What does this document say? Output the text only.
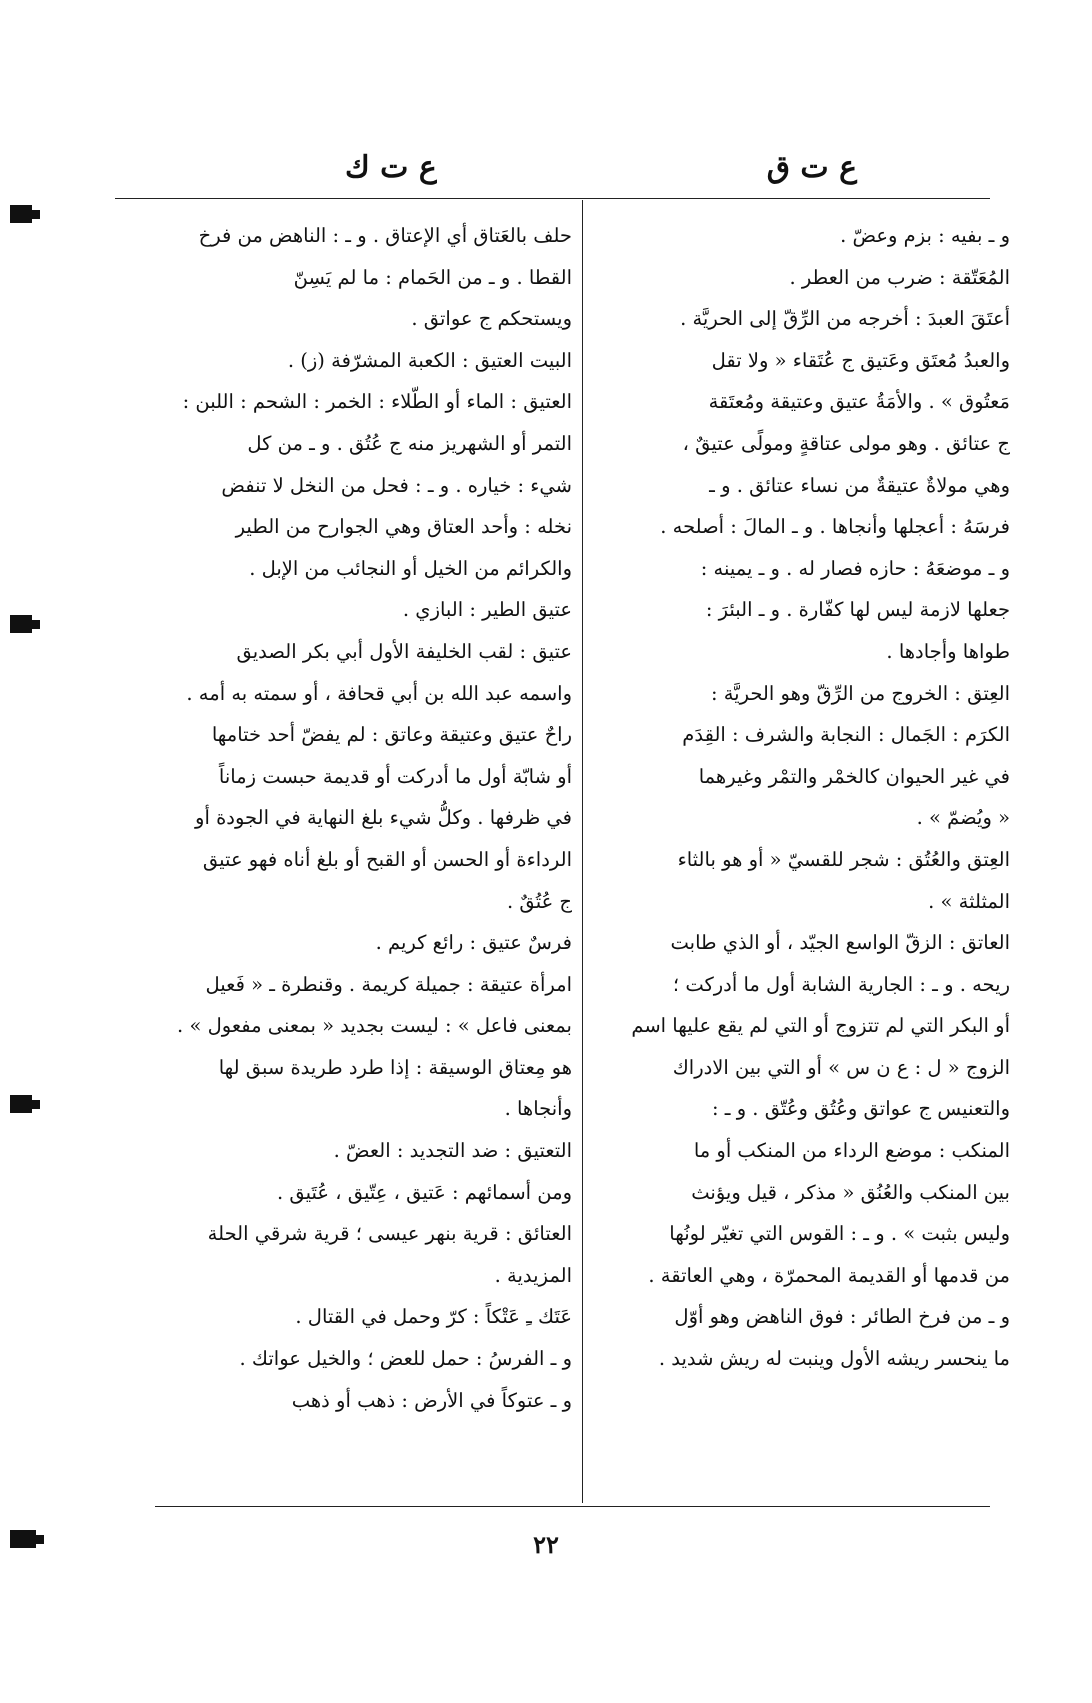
ع ت ق
ع ت ك
و ـ بفيه : بزم وعضّ .
المُعَتّقة : ضرب من العطر .
أعتَقَ العبدَ : أخرجه من الرِّقّ إلى الحريَّة .
والعبدُ مُعتَق وعَتيق ج عُتَقاء « ولا تقل
مَعتُوق » . والأمَةُ عتيق وعتيقة ومُعتَقة
ج عتائق . وهو مولى عتاقةٍ ومولًى عتيقٌ ،
وهي مولاةٌ عتيقةٌ من نساء عتائق . و ـ
فرسَهُ : أعجلها وأنجاها . و ـ المالَ : أصلحه .
و ـ موضعَهُ : حازه فصار له . و ـ يمينه :
جعلها لازمة ليس لها كفّارة . و ـ البئرَ :
طواها وأجادها .
العِتق : الخروج من الرِّقّ وهو الحريَّة :
الكرَم : الجَمال : النجابة والشرف : القِدَم
في غير الحيوان كالخمْر والتمْر وغيرهما
« ويُضمّ » .
العِتق والعُتُق : شجر للقسيّ « أو هو بالثاء
المثلثة » .
العاتق : الزقّ الواسع الجيّد ، أو الذي طابت
ريحه . و ـ : الجارية الشابة أول ما أدركت ؛
أو البكر التي لم تتزوج أو التي لم يقع عليها اسم
الزوج « ل : ع ن س » أو التي بين الادراك
والتعنيس ج عواتق وعُتُق وعُتّق . و ـ :
المنكب : موضع الرداء من المنكب أو ما
بين المنكب والعُنُق « مذكر ، قيل ويؤنث
وليس بثبت » . و ـ : القوس التي تغيّر لونُها
من قدمها أو القديمة المحمرّة ، وهي العاتقة .
و ـ من فرخ الطائر : فوق الناهض وهو أوّل
ما ينحسر ريشه الأول وينبت له ريش شديد .
حلف بالعَتاق أي الإعتاق . و ـ : الناهض من فرخ
القطا . و ـ من الحَمام : ما لم يَسِنّ
ويستحكم ج عواتق .
البيت العتيق : الكعبة المشرّفة (ز) .
العتيق : الماء أو الطّلاء : الخمر : الشحم : اللبن :
التمر أو الشهريز منه ج عُتُق . و ـ من كل
شيء : خياره . و ـ : فحل من النخل لا تنفض
نخله : وأحد العتاق وهي الجوارح من الطير
والكرائم من الخيل أو النجائب من الإبل .
عتيق الطير : البازي .
عتيق : لقب الخليفة الأول أبي بكر الصديق
واسمه عبد الله بن أبي قحافة ، أو سمته به أمه .
راحٌ عتيق وعتيقة وعاتق : لم يفضّ أحد ختامها
أو شابّة أول ما أدركت أو قديمة حبست زماناً
في ظرفها . وكلُّ شيء بلغ النهاية في الجودة أو
الرداءة أو الحسن أو القبح أو بلغ أناه فهو عتيق
ج عُتُقٌ .
فرسٌ عتيق : رائع كريم .
امرأة عتيقة : جميلة كريمة . وقنطرة ـ « فَعيل
بمعنى فاعل » : ليست بجديد « بمعنى مفعول » .
هو مِعتاق الوسيقة : إذا طرد طريدة سبق لها
وأنجاها .
التعتيق : ضد التجديد : العضّ .
ومن أسمائهم : عَتيق ، عِتّيق ، عُتَيق .
العتائق : قرية بنهر عيسى ؛ قرية شرقي الحلة
المزيدية .
عَتَك ـِ عَتْكاً : كرّ وحمل في القتال .
و ـ الفرسُ : حمل للعض ؛ والخيل عواتك .
و ـ عتوكاً في الأرض : ذهب أو ذهب
٢٢
